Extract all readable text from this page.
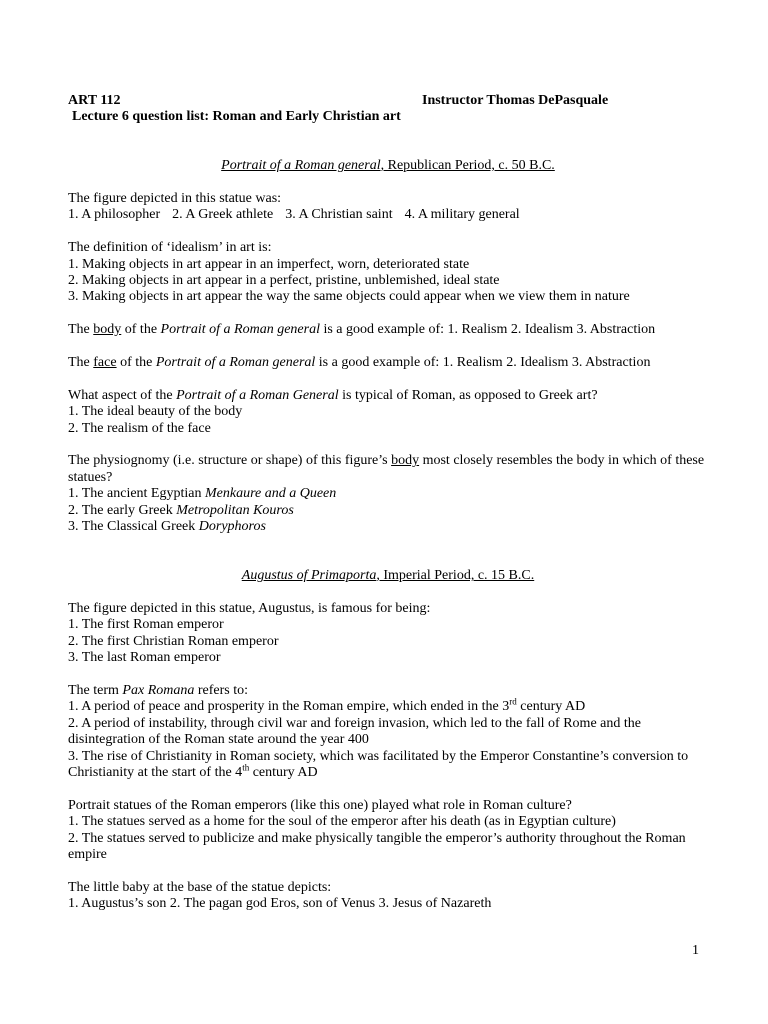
ART 112	Instructor Thomas DePasquale
Lecture 6 question list: Roman and Early Christian art
Portrait of a Roman general, Republican Period, c. 50 B.C.
The figure depicted in this statue was:
1. A philosopher 2. A Greek athlete 3. A Christian saint 4. A military general
The definition of ‘idealism’ in art is:
1. Making objects in art appear in an imperfect, worn, deteriorated state
2. Making objects in art appear in a perfect, pristine, unblemished, ideal state
3. Making objects in art appear the way the same objects could appear when we view them in nature
The body of the Portrait of a Roman general is a good example of: 1. Realism 2. Idealism 3. Abstraction
The face of the Portrait of a Roman general is a good example of: 1. Realism 2. Idealism 3. Abstraction
What aspect of the Portrait of a Roman General is typical of Roman, as opposed to Greek art?
1. The ideal beauty of the body
2. The realism of the face
The physiognomy (i.e. structure or shape) of this figure’s body most closely resembles the body in which of these statues?
1. The ancient Egyptian Menkaure and a Queen
2. The early Greek Metropolitan Kouros
3. The Classical Greek Doryphoros
Augustus of Primaporta, Imperial Period, c. 15 B.C.
The figure depicted in this statue, Augustus, is famous for being:
1. The first Roman emperor
2. The first Christian Roman emperor
3. The last Roman emperor
The term Pax Romana refers to:
1. A period of peace and prosperity in the Roman empire, which ended in the 3rd century AD
2. A period of instability, through civil war and foreign invasion, which led to the fall of Rome and the disintegration of the Roman state around the year 400
3. The rise of Christianity in Roman society, which was facilitated by the Emperor Constantine’s conversion to Christianity at the start of the 4th century AD
Portrait statues of the Roman emperors (like this one) played what role in Roman culture?
1. The statues served as a home for the soul of the emperor after his death (as in Egyptian culture)
2. The statues served to publicize and make physically tangible the emperor’s authority throughout the Roman empire
The little baby at the base of the statue depicts:
1. Augustus’s son 2. The pagan god Eros, son of Venus 3. Jesus of Nazareth
1
